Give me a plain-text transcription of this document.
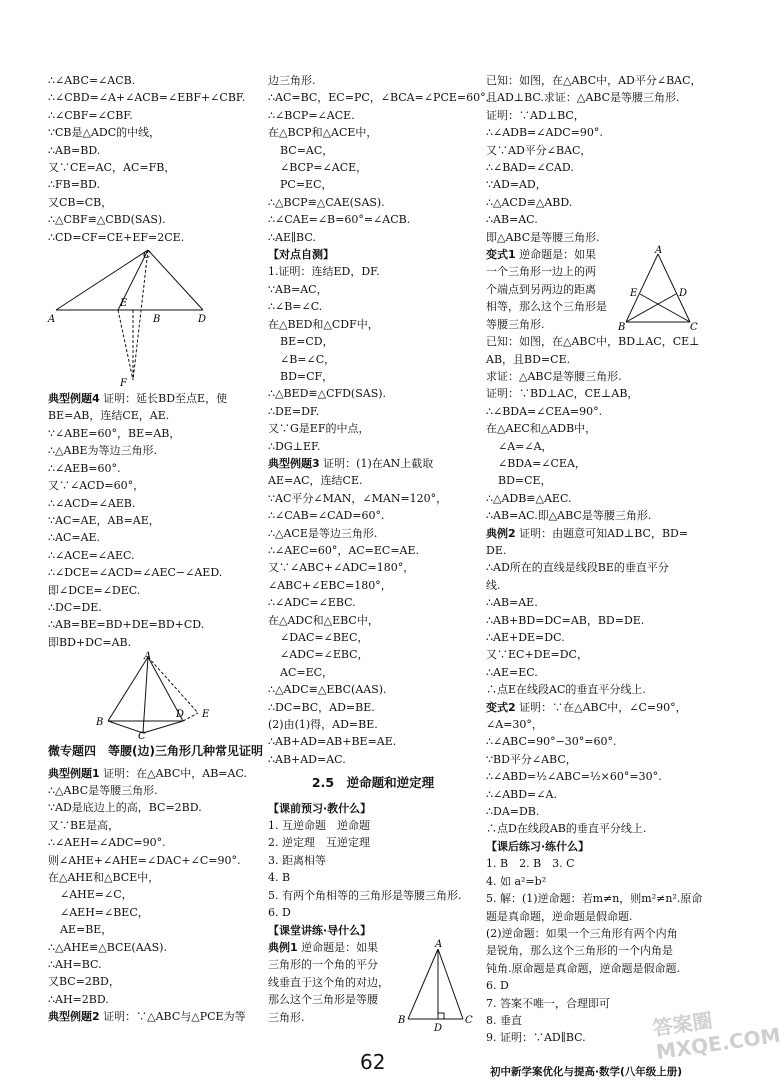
∴∠ABC=∠ACB.
∴∠CBD=∠A+∠ACB=∠EBF+∠CBF.
∴∠CBF=∠CBF.
∵CB是△ADC的中线，
∴AB=BD.
又∵CE=AC，AC=FB，
∴FB=BD.
又CB=CB，
∴△CBF≌△CBD(SAS).
∴CD=CF=CE+EF=2CE.
C
A
E
B	D
F
典型例题4 证明：延长BD至点E，使BE=AB，连结CE，AE.
∵∠ABE=60°，BE=AB，
∴△ABE为等边三角形.
∴∠AEB=60°.
又∵∠ACD=60°，
∴∠ACD=∠AEB.
∵AC=AE，AB=AE，
∴AC=AE.
∴∠ACE=∠AEC.
∴∠DCE=∠ACD=∠AEC−∠AED.
即∠DCE=∠DEC.
∴DC=DE.
∴AB=BE=BD+DE=BD+CD.
即BD+DC=AB.
A
B
C
D E
微专题四　等腰(边)三角形几种常见证明
典型例题1 证明：在△ABC中，AB=AC.
∴△ABC是等腰三角形.
∵AD是底边上的高，BC=2BD.
又∵BE是高，
∴∠AEH=∠ADC=90°.
则∠AHE+∠AHE=∠DAC+∠C=90°.
在△AHE和△BCE中，
∠AHE=∠C，
∠AEH=∠BEC，
AE=BE，
∴△AHE≌△BCE(AAS).
∴AH=BC.
又BC=2BD，
∴AH=2BD.
典型例题2 证明：∵△ABC与△PCE为等
边三角形.
∴AC=BC，EC=PC，∠BCA=∠PCE=60°.
∴∠BCP=∠ACE.
在△BCP和△ACE中，
BC=AC，
∠BCP=∠ACE，
PC=EC，
∴△BCP≌△CAE(SAS).
∴∠CAE=∠B=60°=∠ACB.
∴AE∥BC.
【对点自测】
1.证明：连结ED，DF.
∵AB=AC，
∴∠B=∠C.
在△BED和△CDF中，
BE=CD，
∠B=∠C，
BD=CF，
∴△BED≌△CFD(SAS).
∴DE=DF.
又∵G是EF的中点，
∴DG⊥EF.
典型例题3 证明：(1)在AN上截取AE=AC，连结CE.
∵AC平分∠MAN，∠MAN=120°，
∴∠CAB=∠CAD=60°.
∴△ACE是等边三角形.
∴∠AEC=60°，AC=EC=AE.
又∵∠ABC+∠ADC=180°，∠ABC+∠EBC=180°，
∴∠ADC=∠EBC.
在△ADC和△EBC中，
∠DAC=∠BEC，
∠ADC=∠EBC，
AC=EC，
∴△ADC≌△EBC(AAS).
∴DC=BC，AD=BE.
(2)由(1)得，AD=BE.
∴AB+AD=AB+BE=AE.
∴AB+AD=AC.
2.5　逆命题和逆定理
【课前预习·教什么】
1. 互逆命题　逆命题
2. 逆定理　互逆定理
3. 距离相等
4. B
5. 有两个角相等的三角形是等腰三角形.
6. D
【课堂讲练·导什么】
A
B
D
C
典例1 逆命题是：如果
三角形的一个角的平分
线垂直于这个角的对边，
那么这个三角形是等腰
三角形.
已知：如图，在△ABC中，AD平分∠BAC，
且AD⊥BC.求证：△ABC是等腰三角形.
证明：∵AD⊥BC，
∴∠ADB=∠ADC=90°.
又∵AD平分∠BAC，
∴∠BAD=∠CAD.
∵AD=AD，
∴△ACD≌△ABD.
∴AB=AC.
即△ABC是等腰三角形.
A
E	D
B	C
变式1 逆命题是：如果
一个三角形一边上的两
个端点到另两边的距离
相等，那么这个三角形是
等腰三角形.
已知：如图，在△ABC中，BD⊥AC，CE⊥
AB，且BD=CE.
求证：△ABC是等腰三角形.
证明：∵BD⊥AC，CE⊥AB，
∴∠BDA=∠CEA=90°.
在△AEC和△ADB中，
∠A=∠A，
∠BDA=∠CEA，
BD=CE，
∴△ADB≌△AEC.
∴AB=AC.即△ABC是等腰三角形.
典例2 证明：由题意可知AD⊥BC，BD=
DE.
∴AD所在的直线是线段BE的垂直平分
线.
∴AB=AE.
∴AB+BD=DC=AB，BD=DE.
∴AE+DE=DC.
又∵EC+DE=DC，
∴AE=EC.
∴点E在线段AC的垂直平分线上.
变式2 证明：∵在△ABC中，∠C=90°，
∠A=30°，
∴∠ABC=90°−30°=60°.
∵BD平分∠ABC，
∴∠ABD=½∠ABC=½×60°=30°.
∴∠ABD=∠A.
∴DA=DB.
∴点D在线段AB的垂直平分线上.
【课后练习·练什么】
1. B　2. B　3. C
4. 如 a²=b²
5. 解：(1)逆命题：若m≠n，则m²≠n².原命
题是真命题，逆命题是假命题.
(2)逆命题：如果一个三角形有两个内角
是锐角，那么这个三角形的一个内角是
钝角.原命题是真命题，逆命题是假命题.
6. D
7. 答案不唯一，合理即可
8. 垂直
9. 证明：∵AD∥BC.	答案圈 MXQE.COM
62	初中新学案优化与提高·数学(八年级上册)
